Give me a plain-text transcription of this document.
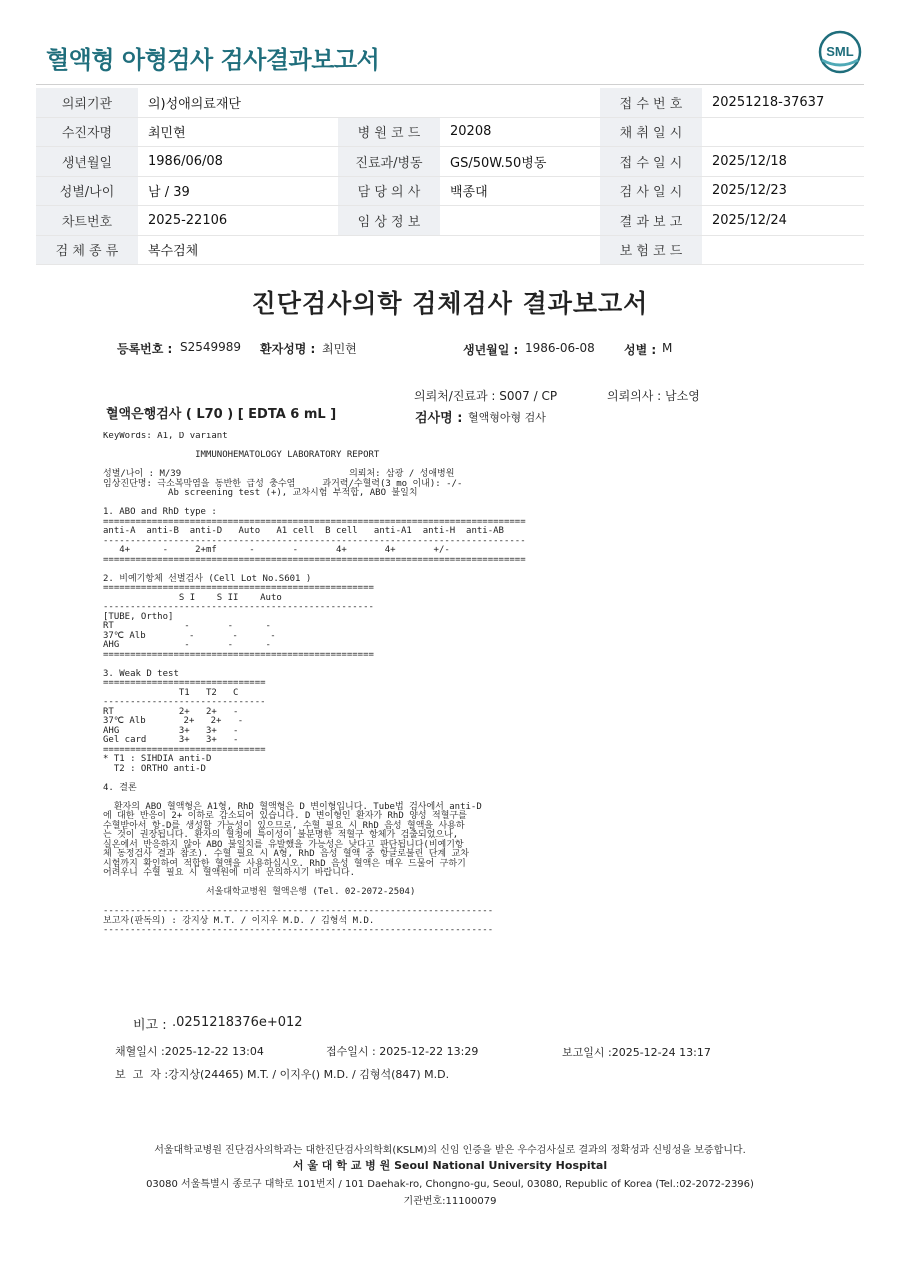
혈액형 아형검사 검사결과보고서	SML
의뢰기관	의)성애의료재단			접 수 번 호	20251218-37637
수진자명	최민현	병 원 코 드	20208	채 취 일 시	
생년월일	1986/06/08	진료과/병동	GS/50W.50병동	접 수 일 시	2025/12/18
성별/나이	남 / 39	담 당 의 사	백종대	검 사 일 시	2025/12/23
차트번호	2025-22106	임 상 정 보		결 과 보 고	2025/12/24
검 체 종 류	복수검체			보 험 코 드	
진단검사의학 검체검사 결과보고서
등록번호 : S2549989 환자성명 : 최민현	생년월일 : 1986-06-08 성별 : M
의뢰처/진료과 : S007 / CP	의뢰의사 : 남소영
혈액은행검사 ( L70 ) [ EDTA 6 mL ]	검사명 : 혈액형아형 검사
KeyWords: A1, D variant

IMMUNOHEMATOLOGY LABORATORY REPORT

성별/나이 : M/39                               의뢰처: 삼광 / 성애병원
임상진단명: 극소복막염을 동반한 급성 충수염     과거력/수혈력(3 mo 이내): -/-
Ab screening test (+), 교차시험 부적합, ABO 불일치

1. ABO and RhD type :
==============================================================================
anti-A  anti-B  anti-D   Auto   A1 cell  B cell   anti-A1  anti-H  anti-AB
------------------------------------------------------------------------------
4+      -     2+mf      -       -       4+       4+       +/-
==============================================================================

2. 비예기항체 선별검사 (Cell Lot No.S601 )
==================================================
S I    S II    Auto
--------------------------------------------------
[TUBE, Ortho]
RT             -       -      -
37℃ Alb        -       -      -
AHG            -       -      -
==================================================

3. Weak D test
==============================
T1   T2   C
------------------------------
RT            2+   2+   -
37℃ Alb       2+   2+   -
AHG           3+   3+   -
Gel card      3+   3+   -
==============================
* T1 : SIHDIA anti-D
T2 : ORTHO anti-D

4. 결론

환자의 ABO 혈액형은 A1형, RhD 혈액형은 D 변이형입니다. Tube법 검사에서 anti-D
에 대한 반응이 2+ 이하로 감소되어 있습니다. D 변이형인 환자가 RhD 양성 적혈구를
수혈받아서 항-D를 생성할 가능성이 있으므로, 수혈 필요 시 RhD 음성 혈액을 사용하
는 것이 권장됩니다. 환자의 혈청에 특이성이 불분명한 적혈구 항체가 검출되었으나,
실온에서 반응하지 않아 ABO 불일치를 유발했을 가능성은 낮다고 판단됩니다(비예기항
체 동정검사 결과 참조). 수혈 필요 시 A형, RhD 음성 혈액 중 항글로불린 단계 교차
시험까지 확인하여 적합한 혈액을 사용하십시오. RhD 음성 혈액은 매우 드물어 구하기
어려우니 수혈 필요 시 혈액원에 미리 문의하시기 바랍니다.

서울대학교병원 혈액은행 (Tel. 02-2072-2504)

------------------------------------------------------------------------
보고자(판독의) : 강지상 M.T. / 이지우 M.D. / 김형석 M.D.
------------------------------------------------------------------------
비고 : .0251218376e+012
채혈일시 :2025-12-22 13:04	접수일시 : 2025-12-22 13:29	보고일시 :2025-12-24 13:17
보  고  자 :강지상(24465) M.T. / 이지우() M.D. / 김형석(847) M.D.
서울대학교병원 진단검사의학과는 대한진단검사의학회(KSLM)의 신임 인증을 받은 우수검사실로 결과의 정확성과 신빙성을 보증합니다.
서 울 대 학 교 병 원 Seoul National University Hospital
03080 서울특별시 종로구 대학로 101번지 / 101 Daehak-ro, Chongno-gu, Seoul, 03080, Republic of Korea (Tel.:02-2072-2396)
기관번호:11100079
